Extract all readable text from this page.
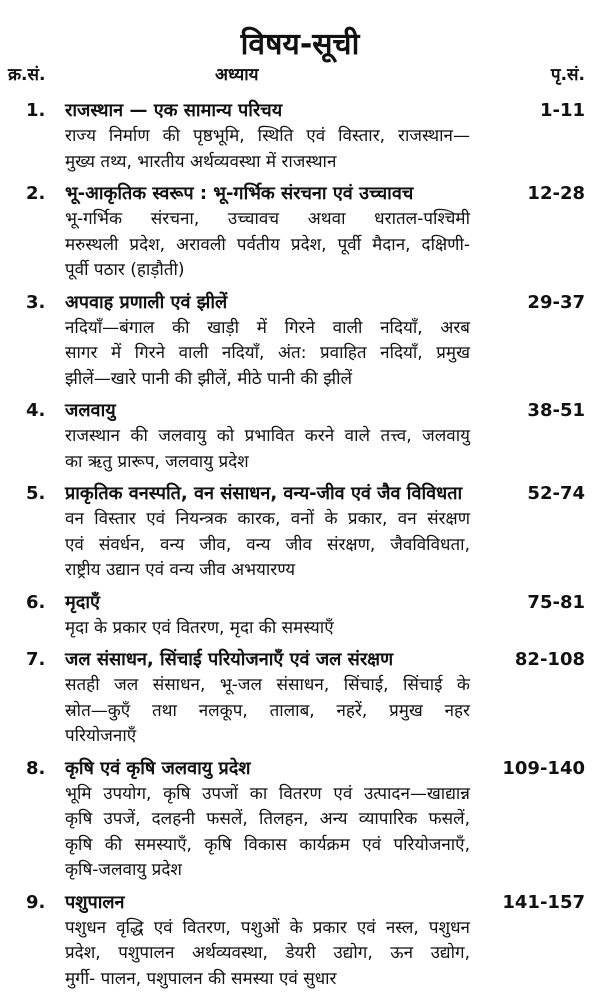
विषय-सूची
क्र.सं.	अध्याय	पृ.सं.
1. राजस्थान — एक सामान्य परिचय	1-11
राज्य निर्माण की पृष्ठभूमि, स्थिति एवं विस्तार, राजस्थान—
मुख्य तथ्य, भारतीय अर्थव्यवस्था में राजस्थान
2. भू-आकृतिक स्वरूप : भू-गर्भिक संरचना एवं उच्चावच	12-28
भू-गर्भिक संरचना, उच्चावच अथवा धरातल-पश्चिमी
मरुस्थली प्रदेश, अरावली पर्वतीय प्रदेश, पूर्वी मैदान, दक्षिणी-
पूर्वी पठार (हाड़ौती)
3. अपवाह प्रणाली एवं झीलें	29-37
नदियाँ—बंगाल की खाड़ी में गिरने वाली नदियाँ, अरब
सागर में गिरने वाली नदियाँ, अंत: प्रवाहित नदियाँ, प्रमुख
झीलें—खारे पानी की झीलें, मीठे पानी की झीलें
4. जलवायु	38-51
राजस्थान की जलवायु को प्रभावित करने वाले तत्त्व, जलवायु
का ऋतु प्रारूप, जलवायु प्रदेश
5. प्राकृतिक वनस्पति, वन संसाधन, वन्य-जीव एवं जैव विविधता	52-74
वन विस्तार एवं नियन्त्रक कारक, वनों के प्रकार, वन संरक्षण
एवं संवर्धन, वन्य जीव, वन्य जीव संरक्षण, जैवविविधता,
राष्ट्रीय उद्यान एवं वन्य जीव अभयारण्य
6. मृदाएँ	75-81
मृदा के प्रकार एवं वितरण, मृदा की समस्याएँ
7. जल संसाधन, सिंचाई परियोजनाएँ एवं जल संरक्षण	82-108
सतही जल संसाधन, भू-जल संसाधन, सिंचाई, सिंचाई के
स्रोत—कुएँ तथा नलकूप, तालाब, नहरें, प्रमुख नहर
परियोजनाएँ
8. कृषि एवं कृषि जलवायु प्रदेश	109-140
भूमि उपयोग, कृषि उपजों का वितरण एवं उत्पादन—खाद्यान्न
कृषि उपजें, दलहनी फसलें, तिलहन, अन्य व्यापारिक फसलें,
कृषि की समस्याएँ, कृषि विकास कार्यक्रम एवं परियोजनाएँ,
कृषि-जलवायु प्रदेश
9. पशुपालन	141-157
पशुधन वृद्धि एवं वितरण, पशुओं के प्रकार एवं नस्ल, पशुधन
प्रदेश, पशुपालन अर्थव्यवस्था, डेयरी उद्योग, ऊन उद्योग,
मुर्गी- पालन, पशुपालन की समस्या एवं सुधार
